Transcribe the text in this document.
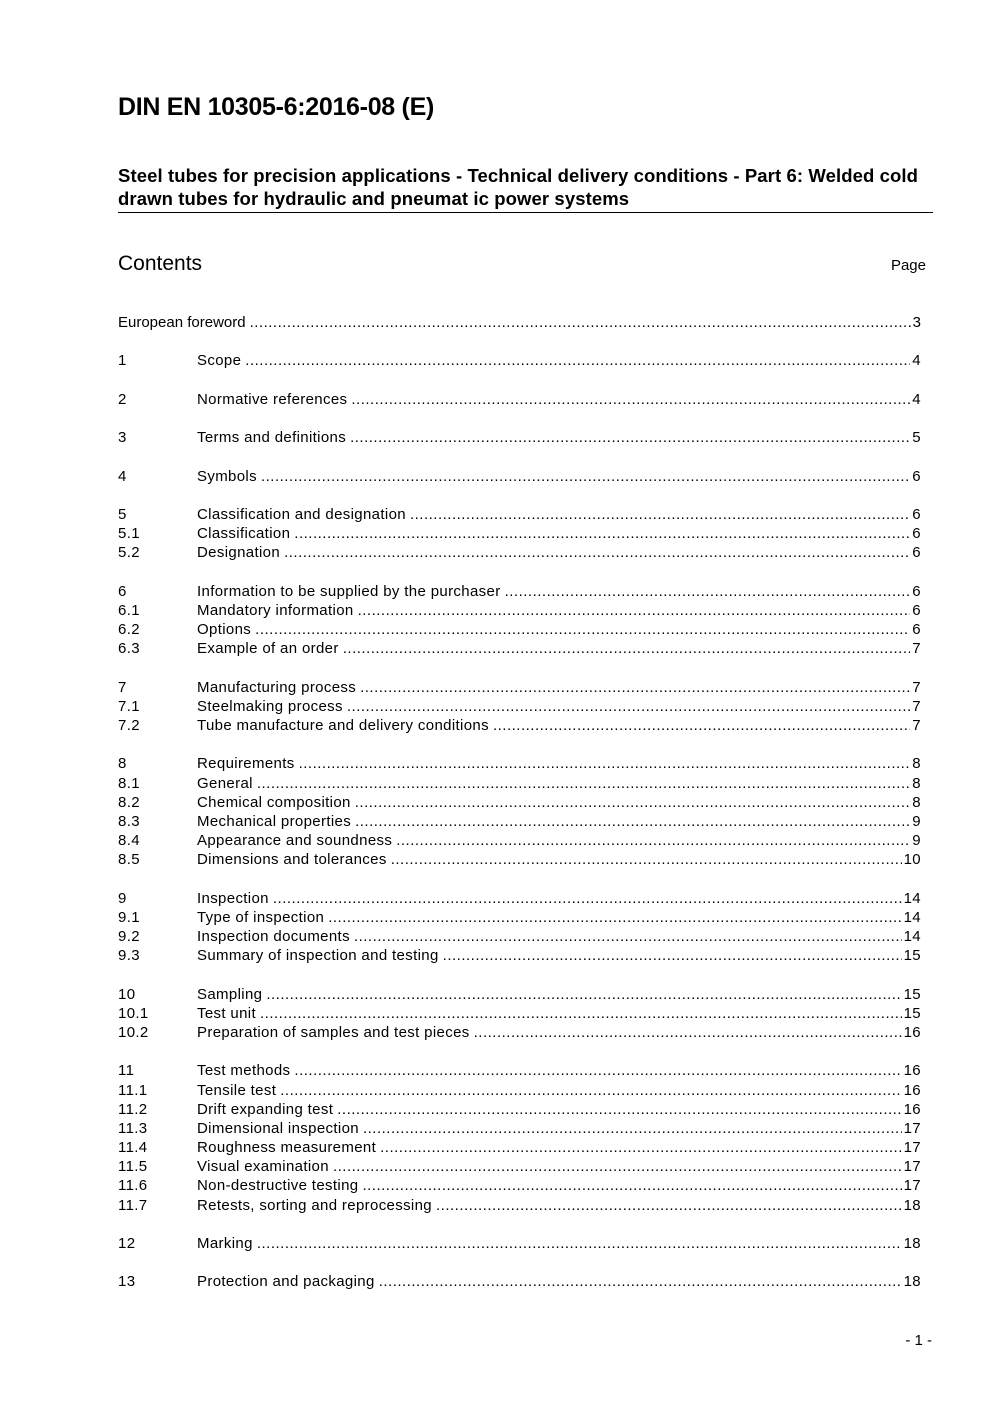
DIN EN 10305-6:2016-08 (E)
Steel tubes for precision applications - Technical delivery conditions - Part 6: Welded cold drawn tubes for hydraulic and pneumat ic power systems
Contents	Page
European foreword .....	3
1	Scope .....	4
2	Normative references .....	4
3	Terms and definitions .....	5
4	Symbols .....	6
5	Classification and designation .....	6
5.1	Classification .....	6
5.2	Designation .....	6
6	Information to be supplied by the purchaser .....	6
6.1	Mandatory information .....	6
6.2	Options .....	6
6.3	Example of an order .....	7
7	Manufacturing process .....	7
7.1	Steelmaking process .....	7
7.2	Tube manufacture and delivery conditions .....	7
8	Requirements .....	8
8.1	General .....	8
8.2	Chemical composition .....	8
8.3	Mechanical properties .....	9
8.4	Appearance and soundness .....	9
8.5	Dimensions and tolerances .....	10
9	Inspection .....	14
9.1	Type of inspection .....	14
9.2	Inspection documents .....	14
9.3	Summary of inspection and testing .....	15
10	Sampling .....	15
10.1	Test unit .....	15
10.2	Preparation of samples and test pieces .....	16
11	Test methods .....	16
11.1	Tensile test .....	16
11.2	Drift expanding test .....	16
11.3	Dimensional inspection .....	17
11.4	Roughness measurement .....	17
11.5	Visual examination .....	17
11.6	Non-destructive testing .....	17
11.7	Retests, sorting and reprocessing .....	18
12	Marking .....	18
13	Protection and packaging .....	18
- 1 -
